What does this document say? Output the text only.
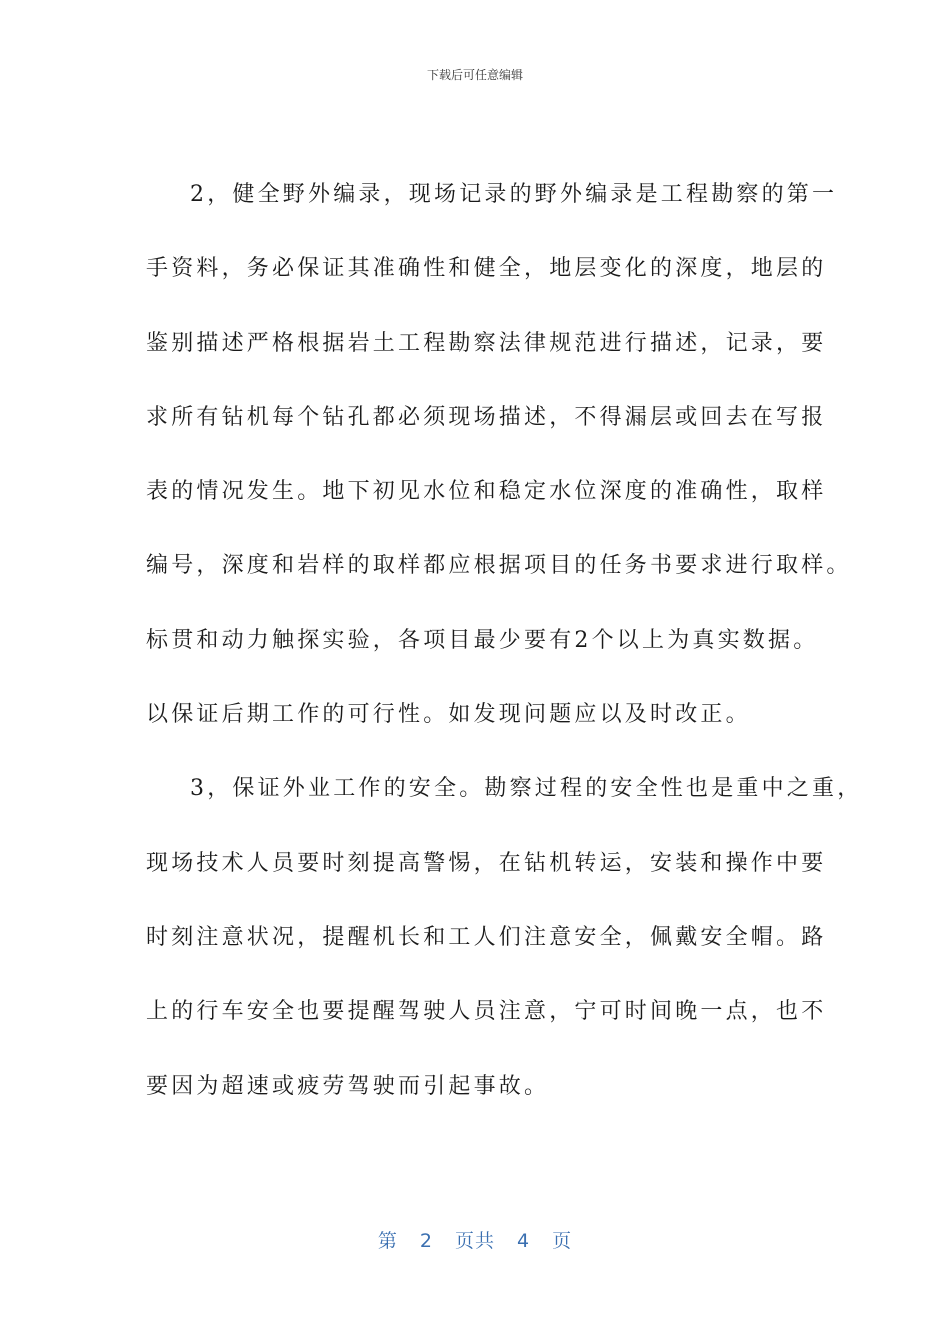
下载后可任意编辑
2，健全野外编录，现场记录的野外编录是工程勘察的第一
手资料，务必保证其准确性和健全，地层变化的深度，地层的
鉴别描述严格根据岩土工程勘察法律规范进行描述，记录，要
求所有钻机每个钻孔都必须现场描述，不得漏层或回去在写报
表的情况发生。地下初见水位和稳定水位深度的准确性，取样
编号，深度和岩样的取样都应根据项目的任务书要求进行取样。
标贯和动力触探实验，各项目最少要有2个以上为真实数据。
以保证后期工作的可行性。如发现问题应以及时改正。
3，保证外业工作的安全。勘察过程的安全性也是重中之重，
现场技术人员要时刻提高警惕，在钻机转运，安装和操作中要
时刻注意状况，提醒机长和工人们注意安全，佩戴安全帽。路
上的行车安全也要提醒驾驶人员注意，宁可时间晚一点，也不
要因为超速或疲劳驾驶而引起事故。
第 2 页共 4 页
